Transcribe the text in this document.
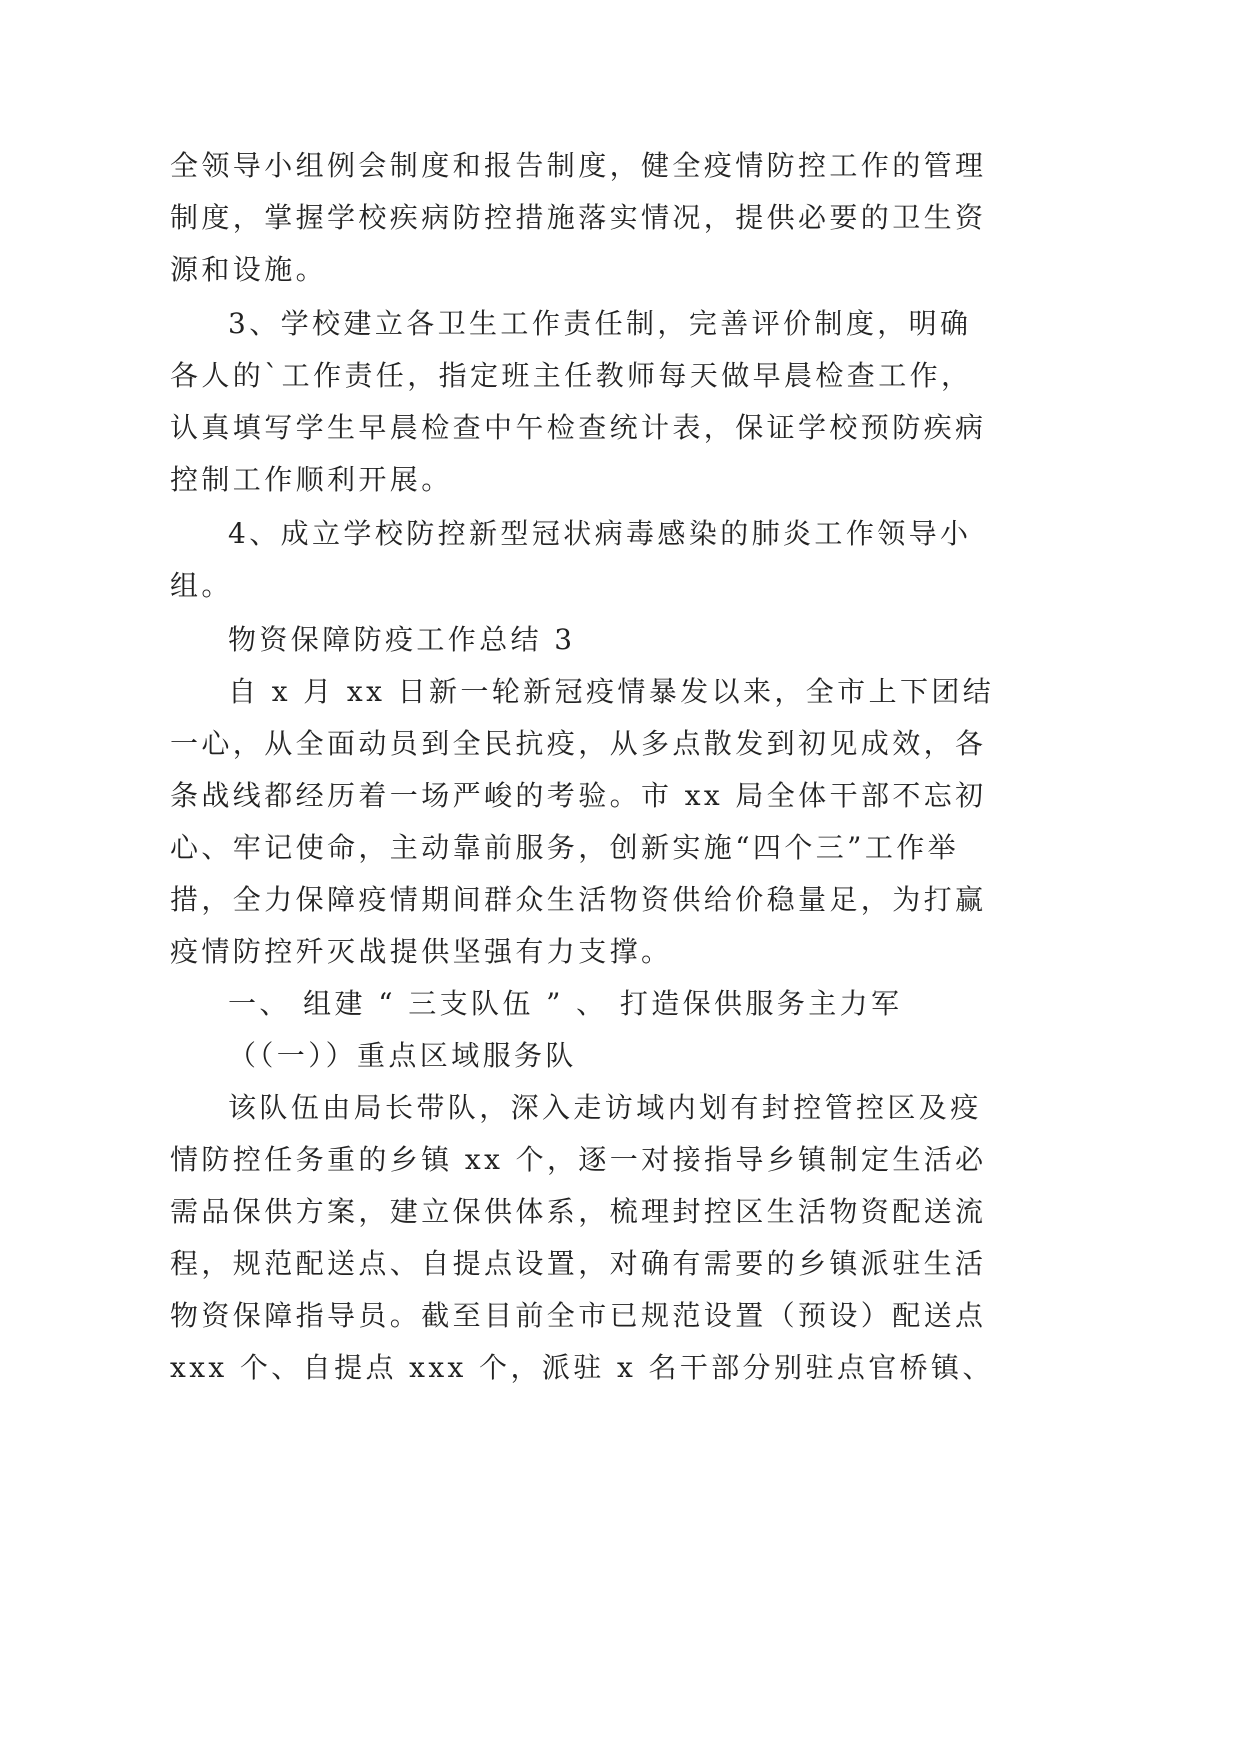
全领导小组例会制度和报告制度，健全疫情防控工作的管理
制度，掌握学校疾病防控措施落实情况，提供必要的卫生资
源和设施。
3、学校建立各卫生工作责任制，完善评价制度，明确
各人的`工作责任，指定班主任教师每天做早晨检查工作，
认真填写学生早晨检查中午检查统计表，保证学校预防疾病
控制工作顺利开展。
4、成立学校防控新型冠状病毒感染的肺炎工作领导小
组。
物资保障防疫工作总结 3
自 x 月 xx 日新一轮新冠疫情暴发以来，全市上下团结
一心，从全面动员到全民抗疫，从多点散发到初见成效，各
条战线都经历着一场严峻的考验。市 xx 局全体干部不忘初
心、牢记使命，主动靠前服务，创新实施“四个三”工作举
措，全力保障疫情期间群众生活物资供给价稳量足，为打赢
疫情防控歼灭战提供坚强有力支撑。
一、 组建 “ 三支队伍 ” 、 打造保供服务主力军
（（一））重点区域服务队
该队伍由局长带队，深入走访域内划有封控管控区及疫
情防控任务重的乡镇 xx 个，逐一对接指导乡镇制定生活必
需品保供方案，建立保供体系，梳理封控区生活物资配送流
程，规范配送点、自提点设置，对确有需要的乡镇派驻生活
物资保障指导员。截至目前全市已规范设置（预设）配送点
xxx 个、自提点 xxx 个，派驻 x 名干部分别驻点官桥镇、
